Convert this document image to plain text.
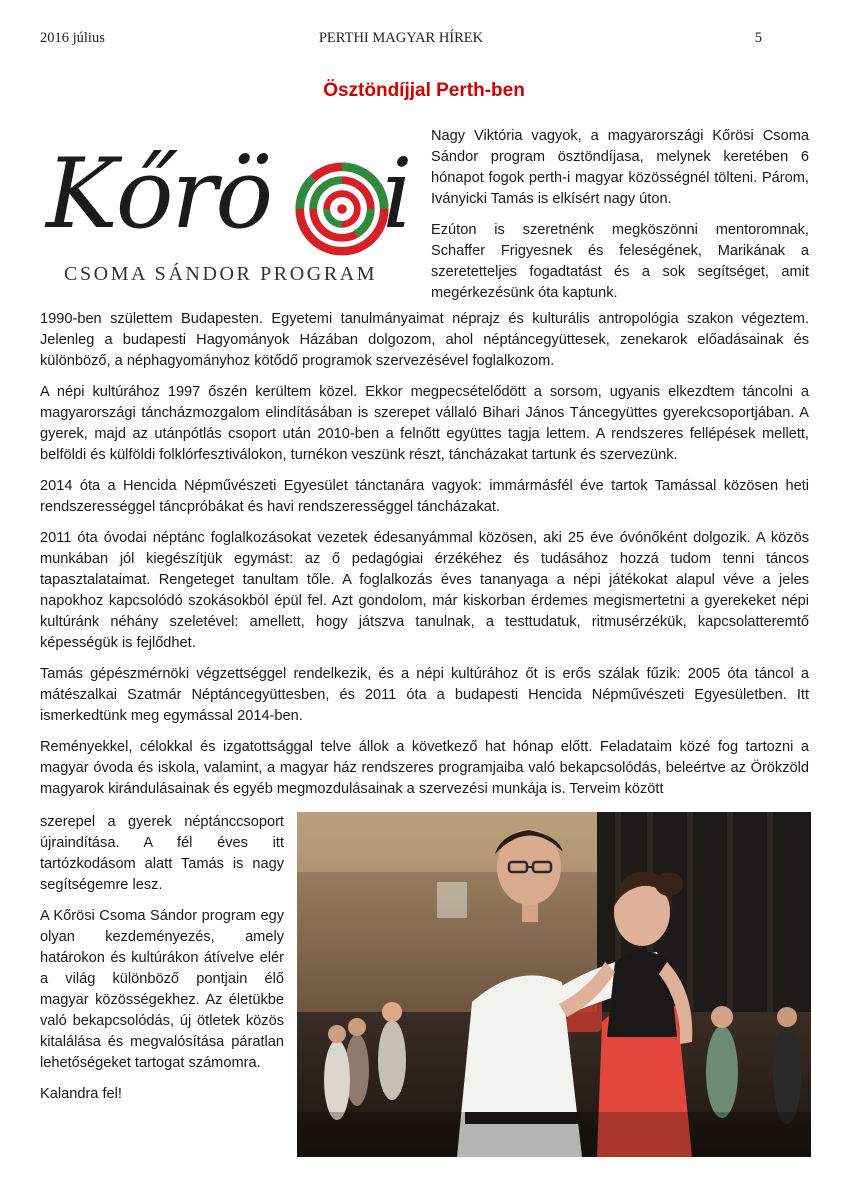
2016 július	PERTHI MAGYAR HÍREK	5
Ösztöndíjjal Perth-ben
Kőrö i
CSOMA SÁNDOR PROGRAM

Nagy Viktória vagyok, a magyarországi Kőrösi Csoma Sándor program ösztöndíjasa, melynek keretében 6 hónapot fogok perth-i magyar közösségnél tölteni. Párom, Iványicki Tamás is elkísért nagy úton.

Ezúton is szeretnénk megköszönni mentoromnak, Schaffer Frigyesnek és feleségének, Marikának a szeretetteljes fogadtatást és a sok segítséget, amit megérkezésünk óta kaptunk.

1990-ben születtem Budapesten. Egyetemi tanulmányaimat néprajz és kulturális antropológia szakon végeztem. Jelenleg a budapesti Hagyományok Házában dolgozom, ahol néptáncegyüttesek, zenekarok előadásainak és különböző, a néphagyományhoz kötődő programok szervezésével foglalkozom.

A népi kultúrához 1997 őszén kerültem közel. Ekkor megpecsételődött a sorsom, ugyanis elkezdtem táncolni a magyarországi táncházmozgalom elindításában is szerepet vállaló Bihari János Táncegyüttes gyerekcsoportjában. A gyerek, majd az utánpótlás csoport után 2010-ben a felnőtt együttes tagja lettem. A rendszeres fellépések mellett, belföldi és külföldi folklórfesztiválokon, turnékon veszünk részt, táncházakat tartunk és szervezünk.

2014 óta a Hencida Népművészeti Egyesület tánctanára vagyok: immármásfél éve tartok Tamással közösen heti rendszerességgel táncpróbákat és havi rendszerességgel táncházakat.

2011 óta óvodai néptánc foglalkozásokat vezetek édesanyámmal közösen, aki 25 éve óvónőként dolgozik. A közös munkában jól kiegészítjük egymást: az ő pedagógiai érzékéhez és tudásához hozzá tudom tenni táncos tapasztalataimat. Rengeteget tanultam tőle. A foglalkozás éves tananyaga a népi játékokat alapul véve a jeles napokhoz kapcsolódó szokásokból épül fel. Azt gondolom, már kiskorban érdemes megismertetni a gyerekeket népi kultúránk néhány szeletével: amellett, hogy játszva tanulnak, a testtudatuk, ritmusérzékük, kapcsolatteremtő képességük is fejlődhet.

Tamás gépészmérnöki végzettséggel rendelkezik, és a népi kultúrához őt is erős szálak fűzik: 2005 óta táncol a mátészalkai Szatmár Néptáncegyüttesben, és 2011 óta a budapesti Hencida Népművészeti Egyesületben. Itt ismerkedtünk meg egymással 2014-ben.

Reményekkel, célokkal és izgatottsággal telve állok a következő hat hónap előtt. Feladataim közé fog tartozni a magyar óvoda és iskola, valamint, a magyar ház rendszeres programjaiba való bekapcsolódás, beleértve az Örökzöld magyarok kirándulásainak és egyéb megmozdulásainak a szervezési munkája is. Terveim között

szerepel a gyerek néptánccsoport újraindítása. A fél éves itt tartózkodásom alatt Tamás is nagy segítségemre lesz.

A Kőrösi Csoma Sándor program egy olyan kezdeményezés, amely határokon és kultúrákon átívelve elér a világ különböző pontjain élő magyar közösségekhez. Az életükbe való bekapcsolódás, új ötletek közös kitalálása és megvalósítása páratlan lehetőségeket tartogat számomra.

Kalandra fel!
